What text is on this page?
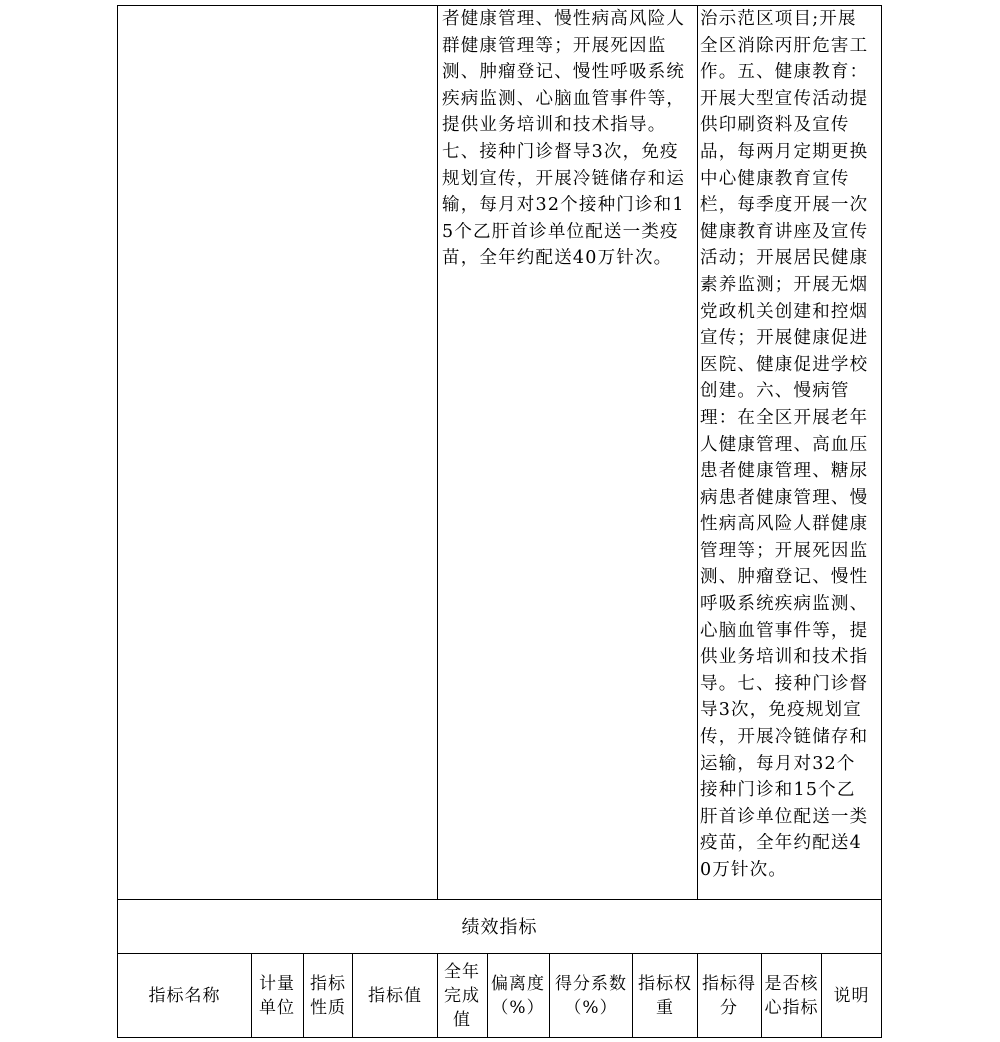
者健康管理、慢性病高风险人群健康管理等；开展死因监测、肿瘤登记、慢性呼吸系统疾病监测、心脑血管事件等，提供业务培训和技术指导。七、接种门诊督导3次，免疫规划宣传，开展冷链储存和运输，每月对32个接种门诊和15个乙肝首诊单位配送一类疫苗，全年约配送40万针次。

治示范区项目;开展全区消除丙肝危害工作。五、健康教育：开展大型宣传活动提供印刷资料及宣传品，每两月定期更换中心健康教育宣传栏，每季度开展一次健康教育讲座及宣传活动；开展居民健康素养监测；开展无烟党政机关创建和控烟宣传；开展健康促进医院、健康促进学校创建。六、慢病管理：在全区开展老年人健康管理、高血压患者健康管理、糖尿病患者健康管理、慢性病高风险人群健康管理等；开展死因监测、肿瘤登记、慢性呼吸系统疾病监测、心脑血管事件等，提供业务培训和技术指导。七、接种门诊督导3次，免疫规划宣传，开展冷链储存和运输，每月对32个接种门诊和15个乙肝首诊单位配送一类疫苗，全年约配送40万针次。

绩效指标
指标名称
计量单位
指标性质
指标值
全年完成值
偏离度（%）
得分系数（%）
指标权重
指标得分
是否核心指标
说明
